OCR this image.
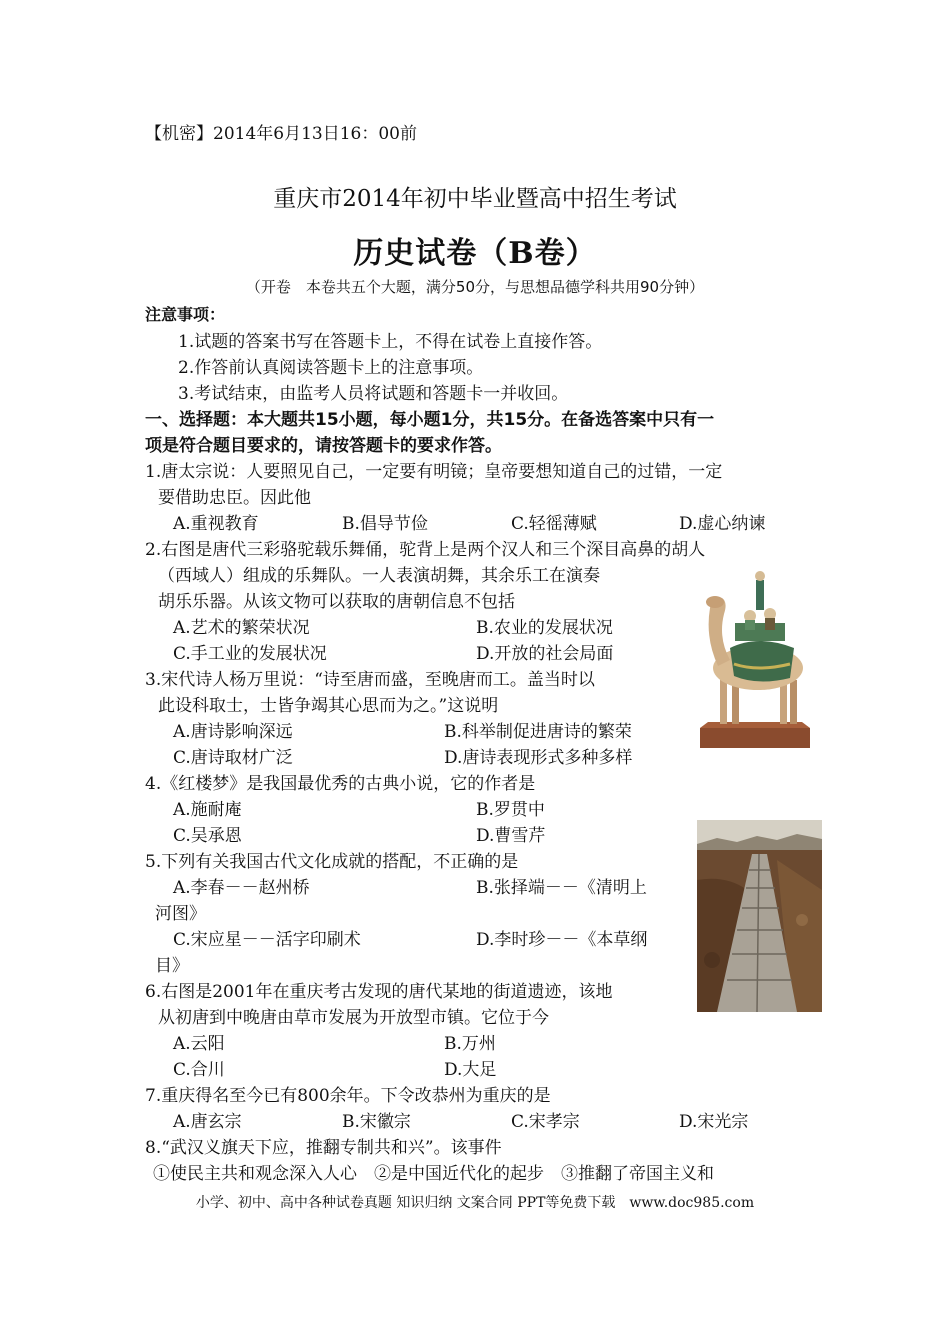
【机密】2014年6月13日16：00前
重庆市2014年初中毕业暨高中招生考试
历史试卷（B卷）
（开卷　本卷共五个大题，满分50分，与思想品德学科共用90分钟）
注意事项：
1.试题的答案书写在答题卡上，不得在试卷上直接作答。
2.作答前认真阅读答题卡上的注意事项。
3.考试结束，由监考人员将试题和答题卡一并收回。
一、选择题：本大题共15小题，每小题1分，共15分。在备选答案中只有一
项是符合题目要求的，请按答题卡的要求作答。
1.唐太宗说：人要照见自己，一定要有明镜；皇帝要想知道自己的过错，一定
要借助忠臣。因此他
A.重视教育	B.倡导节俭	C.轻徭薄赋	D.虚心纳谏
2.右图是唐代三彩骆驼载乐舞俑，驼背上是两个汉人和三个深目高鼻的胡人
（西域人）组成的乐舞队。一人表演胡舞，其余乐工在演奏
胡乐乐器。从该文物可以获取的唐朝信息不包括
A.艺术的繁荣状况	B.农业的发展状况
C.手工业的发展状况	D.开放的社会局面
3.宋代诗人杨万里说：“诗至唐而盛，至晚唐而工。盖当时以
此设科取士，士皆争竭其心思而为之。”这说明
A.唐诗影响深远	B.科举制促进唐诗的繁荣
C.唐诗取材广泛	D.唐诗表现形式多种多样
4.《红楼梦》是我国最优秀的古典小说，它的作者是
A.施耐庵	B.罗贯中
C.吴承恩	D.曹雪芹
5.下列有关我国古代文化成就的搭配，不正确的是
A.李春－－赵州桥	B.张择端－－《清明上
河图》
C.宋应星－－活字印刷术	D.李时珍－－《本草纲
目》
6.右图是2001年在重庆考古发现的唐代某地的街道遗迹，该地
从初唐到中晚唐由草市发展为开放型市镇。它位于今
A.云阳	B.万州
C.合川	D.大足
7.重庆得名至今已有800余年。下令改恭州为重庆的是
A.唐玄宗	B.宋徽宗	C.宋孝宗	D.宋光宗
8.“武汉义旗天下应，推翻专制共和兴”。该事件
①使民主共和观念深入人心　②是中国近代化的起步　③推翻了帝国主义和
小学、初中、高中各种试卷真题 知识归纳 文案合同 PPT等免费下载　www.doc985.com
